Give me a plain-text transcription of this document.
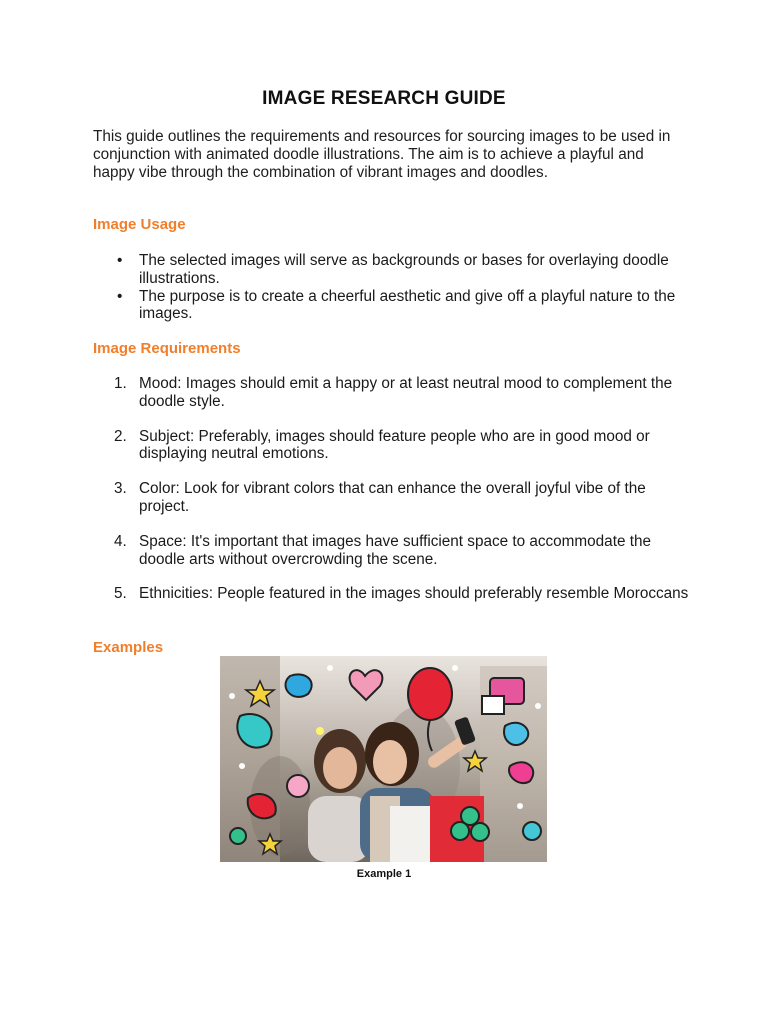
IMAGE RESEARCH GUIDE
This guide outlines the requirements and resources for sourcing images to be used in conjunction with animated doodle illustrations. The aim is to achieve a playful and happy vibe through the combination of vibrant images and doodles.
Image Usage
• The selected images will serve as backgrounds or bases for overlaying doodle illustrations.
• The purpose is to create a cheerful aesthetic and give off a playful nature to the images.
Image Requirements
1. Mood: Images should emit a happy or at least neutral mood to complement the doodle style.
2. Subject: Preferably, images should feature people who are in good mood or displaying neutral emotions.
3. Color: Look for vibrant colors that can enhance the overall joyful vibe of the project.
4. Space: It's important that images have sufficient space to accommodate the doodle arts without overcrowding the scene.
5. Ethnicities: People featured in the images should preferably resemble Moroccans
Examples
Example 1
